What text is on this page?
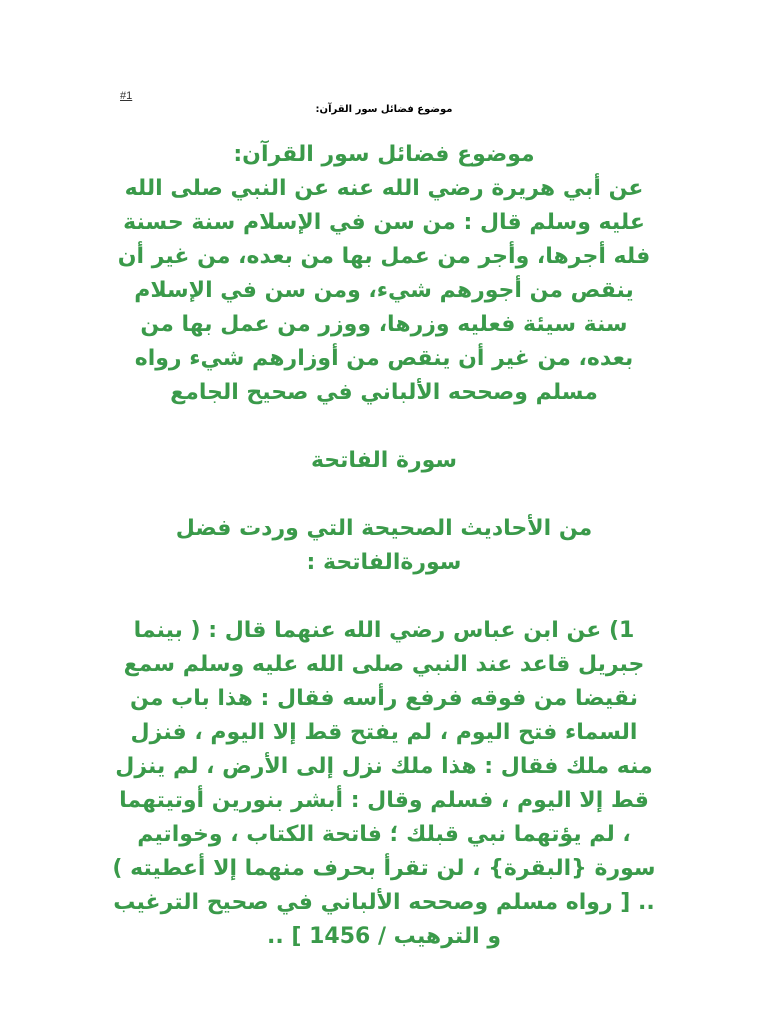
#1
موضوع فضائل سور القرآن:

موضوع فضائل سور القرآن:

عن أبي هريرة رضي الله عنه عن النبي صلى الله عليه وسلم قال : من سن في الإسلام سنة حسنة فله أجرها، وأجر من عمل بها من بعده، من غير أن ينقص من أجورهم شيء، ومن سن في الإسلام سنة سيئة فعليه وزرها، ووزر من عمل بها من بعده، من غير أن ينقص من أوزارهم شيء رواه مسلم وصححه الألباني في صحيح الجامع

سورة الفاتحة

من الأحاديث الصحيحة التي وردت فضل سورةالفاتحة :

1) عن ابن عباس رضي الله عنهما قال : ( بينما جبريل قاعد عند النبي صلى الله عليه وسلم سمع نقيضا من فوقه فرفع رأسه فقال : هذا باب من السماء فتح اليوم ، لم يفتح قط إلا اليوم ، فنزل منه ملك فقال : هذا ملك نزل إلى الأرض ، لم ينزل قط إلا اليوم ، فسلم وقال : أبشر بنورين أوتيتهما ، لم يؤتهما نبي قبلك ؛ فاتحة الكتاب ، وخواتيم سورة {البقرة} ، لن تقرأ بحرف منهما إلا أعطيته ) .. [ رواه مسلم وصححه الألباني في صحيح الترغيب و الترهيب / 1456 ] ..
